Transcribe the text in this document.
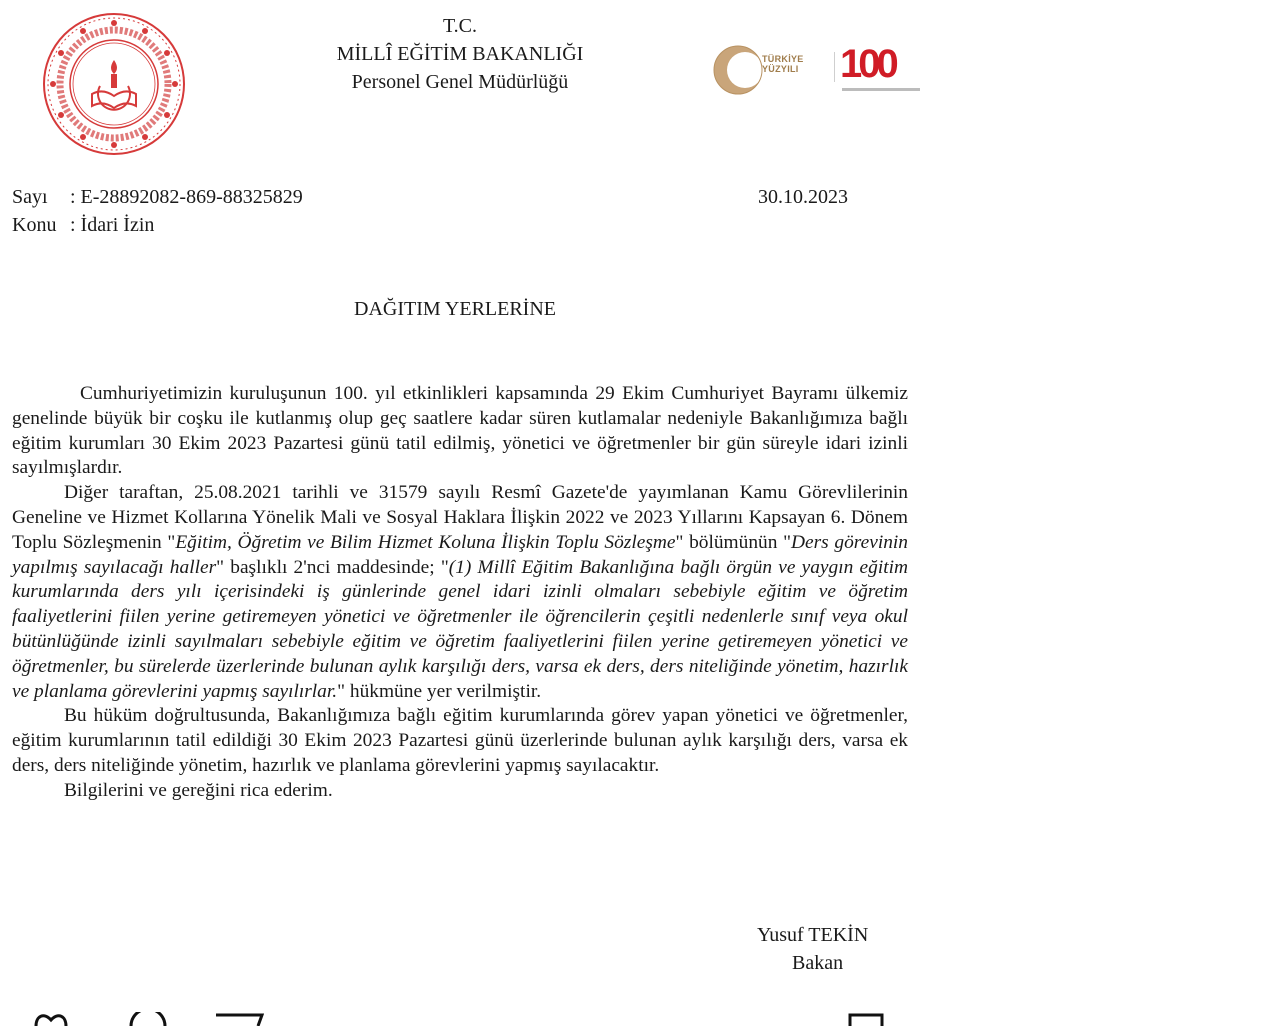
T.C.
MİLLÎ EĞİTİM BAKANLIĞI
Personel Genel Müdürlüğü
TÜRKİYE
YÜZYILI	100
Sayı : E-28892082-869-88325829
Konu : İdari İzin
30.10.2023
DAĞITIM YERLERİNE

Cumhuriyetimizin kuruluşunun 100. yıl etkinlikleri kapsamında 29 Ekim Cumhuriyet Bayramı ülkemiz genelinde büyük bir coşku ile kutlanmış olup geç saatlere kadar süren kutlamalar nedeniyle Bakanlığımıza bağlı eğitim kurumları 30 Ekim 2023 Pazartesi günü tatil edilmiş, yönetici ve öğretmenler bir gün süreyle idari izinli sayılmışlardır.

Diğer taraftan, 25.08.2021 tarihli ve 31579 sayılı Resmî Gazete'de yayımlanan Kamu Görevlilerinin Geneline ve Hizmet Kollarına Yönelik Mali ve Sosyal Haklara İlişkin 2022 ve 2023 Yıllarını Kapsayan 6. Dönem Toplu Sözleşmenin "Eğitim, Öğretim ve Bilim Hizmet Koluna İlişkin Toplu Sözleşme" bölümünün "Ders görevinin yapılmış sayılacağı haller" başlıklı 2'nci maddesinde; "(1) Millî Eğitim Bakanlığına bağlı örgün ve yaygın eğitim kurumlarında ders yılı içerisindeki iş günlerinde genel idari izinli olmaları sebebiyle eğitim ve öğretim faaliyetlerini fiilen yerine getiremeyen yönetici ve öğretmenler ile öğrencilerin çeşitli nedenlerle sınıf veya okul bütünlüğünde izinli sayılmaları sebebiyle eğitim ve öğretim faaliyetlerini fiilen yerine getiremeyen yönetici ve öğretmenler, bu sürelerde üzerlerinde bulunan aylık karşılığı ders, varsa ek ders, ders niteliğinde yönetim, hazırlık ve planlama görevlerini yapmış sayılırlar." hükmüne yer verilmiştir.

Bu hüküm doğrultusunda, Bakanlığımıza bağlı eğitim kurumlarında görev yapan yönetici ve öğretmenler, eğitim kurumlarının tatil edildiği 30 Ekim 2023 Pazartesi günü üzerlerinde bulunan aylık karşılığı ders, varsa ek ders, ders niteliğinde yönetim, hazırlık ve planlama görevlerini yapmış sayılacaktır.

Bilgilerini ve gereğini rica ederim.

Yusuf TEKİN
Bakan
